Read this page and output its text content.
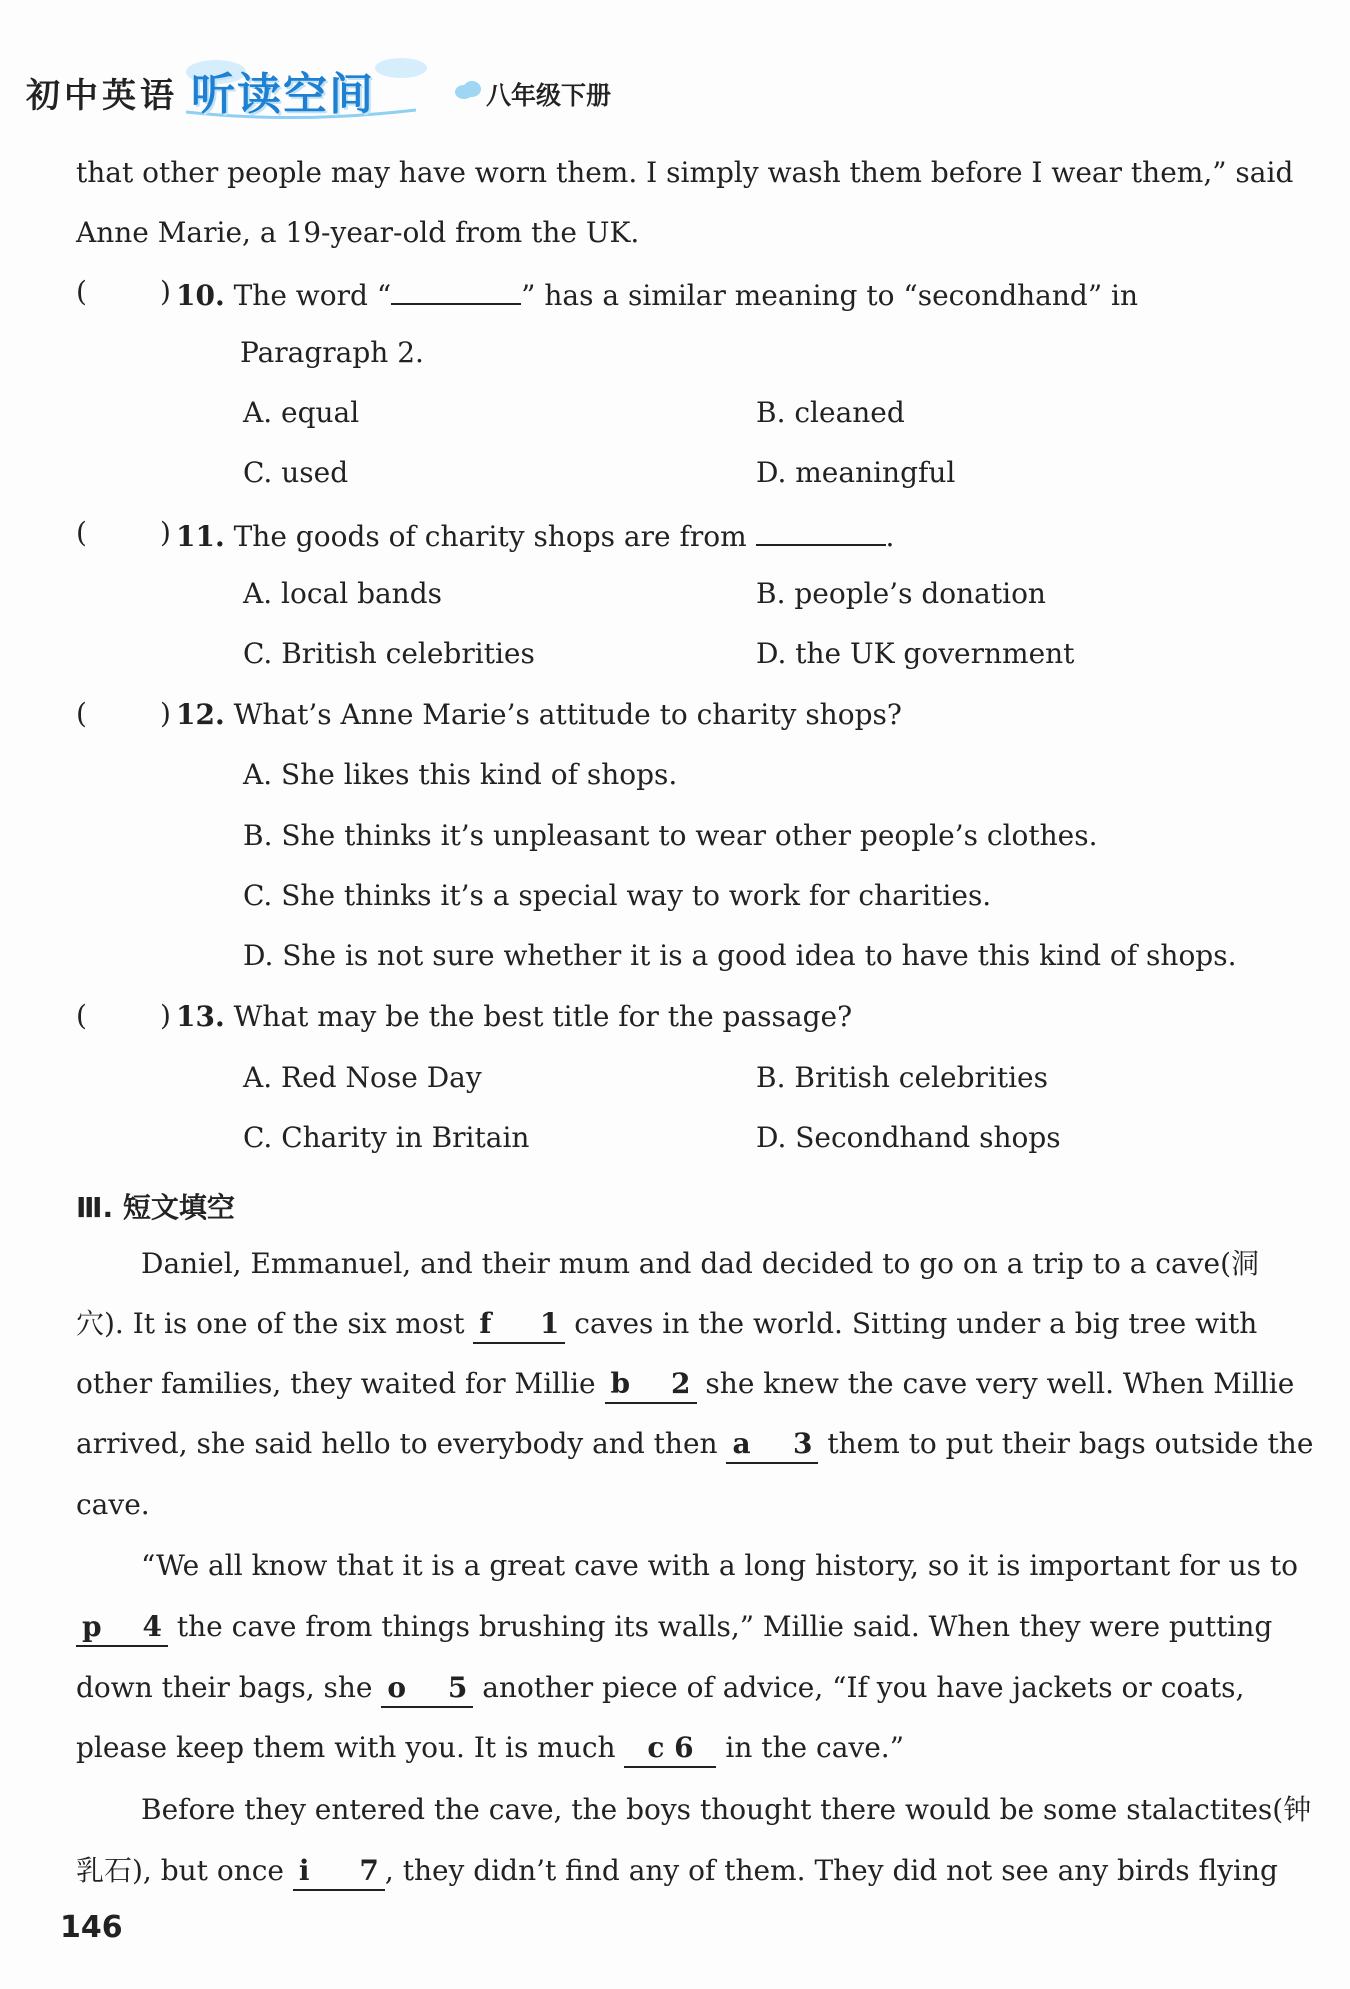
初中英语 听读空间	八年级下册
that other people may have worn them. I simply wash them before I wear them,” said
Anne Marie, a 19-year-old from the UK.
(	) 10. The word “	” has a similar meaning to “secondhand” in
Paragraph 2.
A. equal	B. cleaned
C. used	D. meaningful
(	) 11. The goods of charity shops are from	.
A. local bands	B. people’s donation
C. British celebrities	D. the UK government
(	) 12. What’s Anne Marie’s attitude to charity shops?
A. She likes this kind of shops.
B. She thinks it’s unpleasant to wear other people’s clothes.
C. She thinks it’s a special way to work for charities.
D. She is not sure whether it is a good idea to have this kind of shops.
(	) 13. What may be the best title for the passage?
A. Red Nose Day	B. British celebrities
C. Charity in Britain	D. Secondhand shops
Ⅲ. 短文填空
Daniel, Emmanuel, and their mum and dad decided to go on a trip to a cave(洞
穴). It is one of the six most f 1 caves in the world. Sitting under a big tree with
other families, they waited for Millie b 2 she knew the cave very well. When Millie
arrived, she said hello to everybody and then a 3 them to put their bags outside the
cave.
“We all know that it is a great cave with a long history, so it is important for us to
p 4 the cave from things brushing its walls,” Millie said. When they were putting
down their bags, she o 5 another piece of advice, “If you have jackets or coats,
please keep them with you. It is much c 6 in the cave.”
Before they entered the cave, the boys thought there would be some stalactites(钟
乳石), but once i 7 , they didn’t find any of them. They did not see any birds flying
146
